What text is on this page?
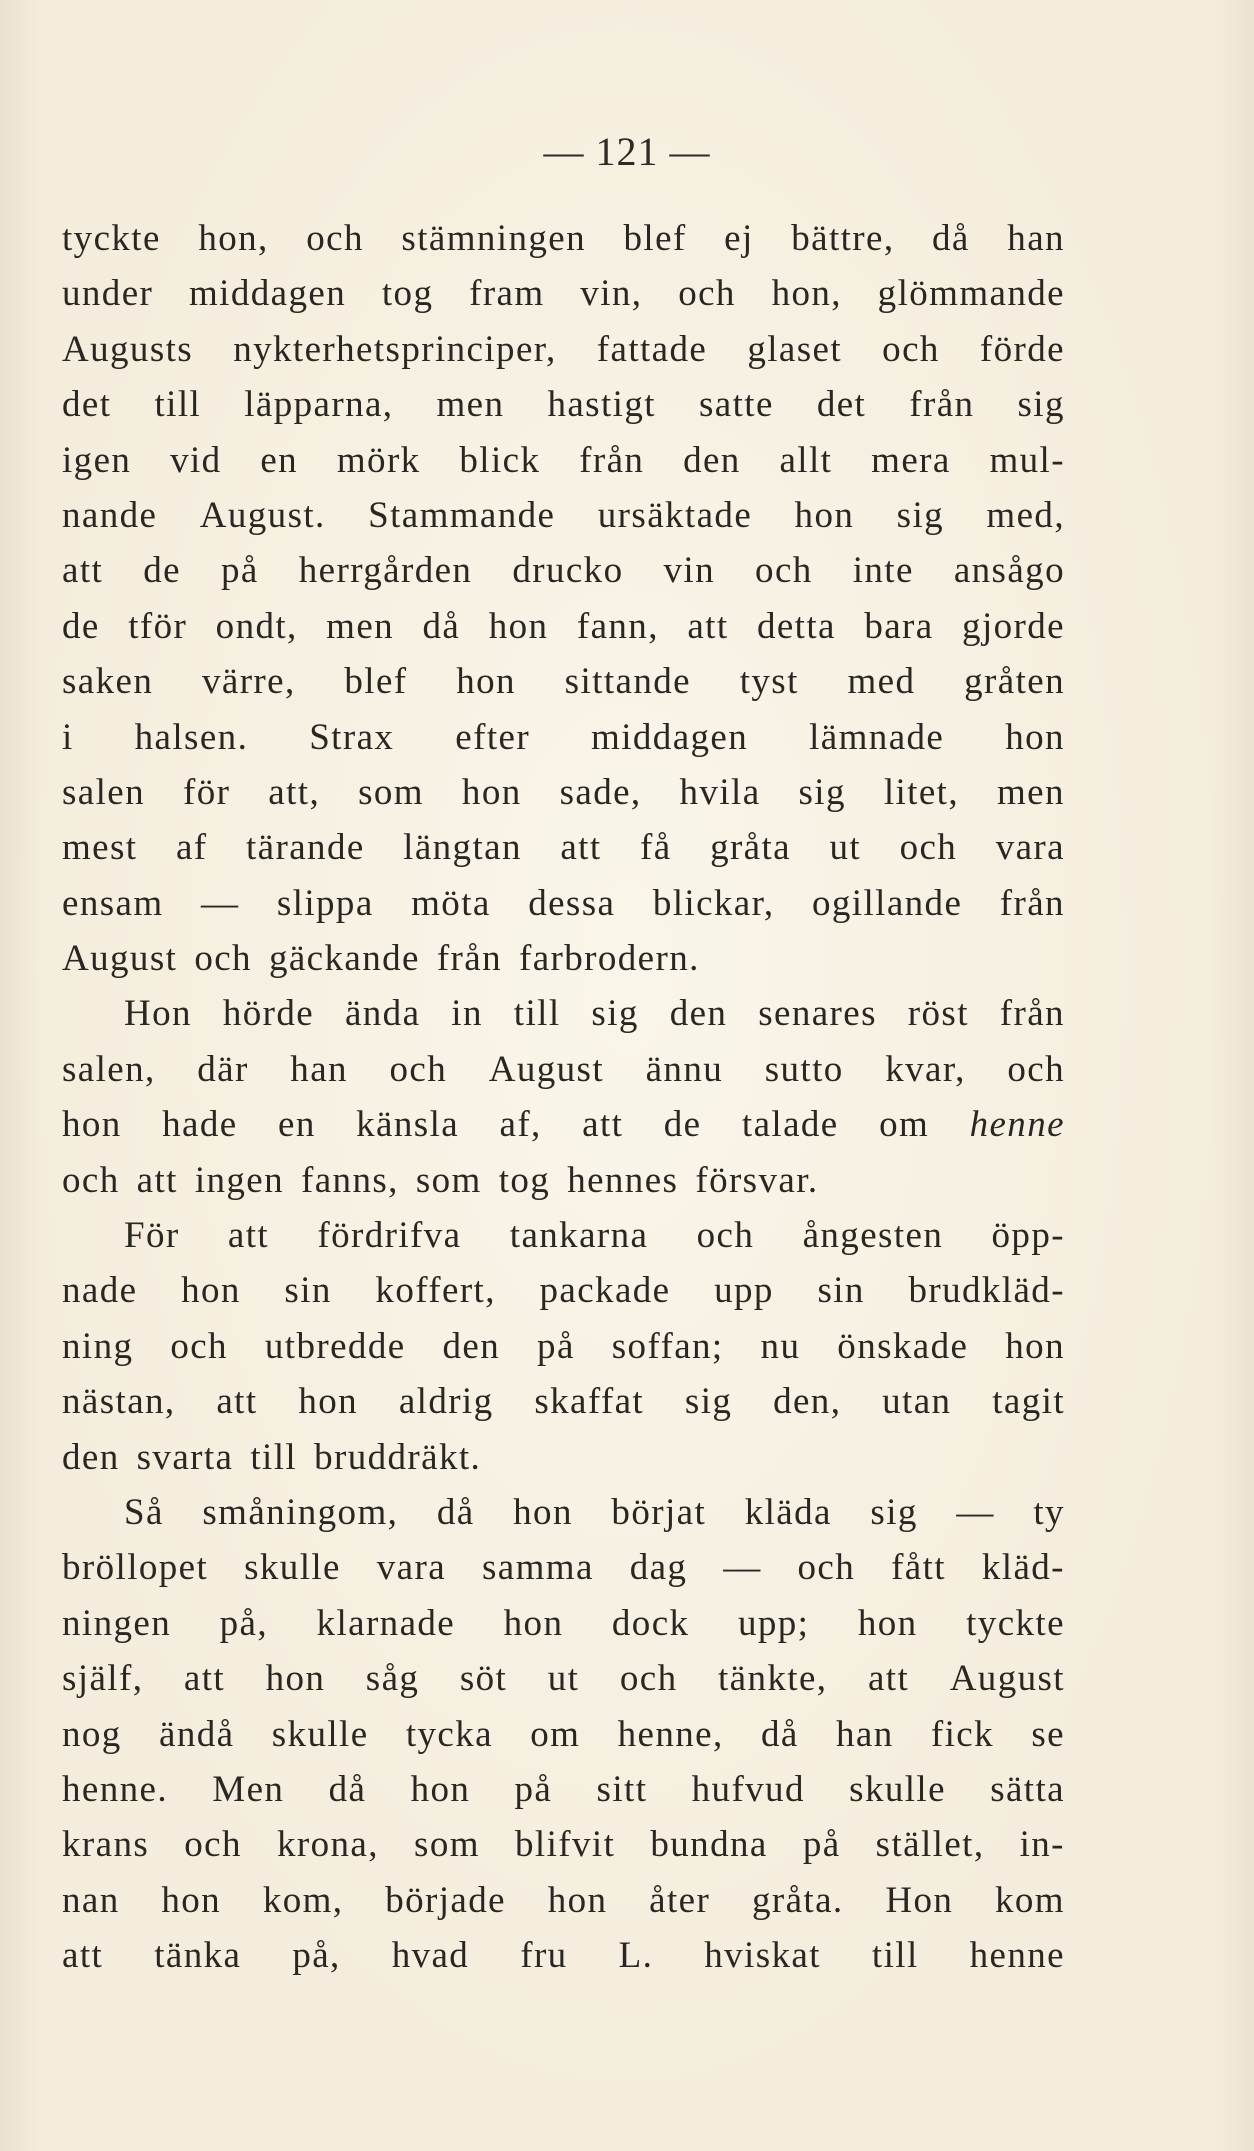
— 121 —
tyckte hon, och stämningen blef ej bättre, då han
under middagen tog fram vin, och hon, glömmande
Augusts nykterhetsprinciper, fattade glaset och förde
det till läpparna, men hastigt satte det från sig
igen vid en mörk blick från den allt mera mul-
nande August. Stammande ursäktade hon sig med,
att de på herrgården drucko vin och inte ansågo
de tför ondt, men då hon fann, att detta bara gjorde
saken värre, blef hon sittande tyst med gråten
i halsen. Strax efter middagen lämnade hon
salen för att, som hon sade, hvila sig litet, men
mest af tärande längtan att få gråta ut och vara
ensam — slippa möta dessa blickar, ogillande från
August och gäckande från farbrodern.
Hon hörde ända in till sig den senares röst från
salen, där han och August ännu sutto kvar, och
hon hade en känsla af, att de talade om henne
och att ingen fanns, som tog hennes försvar.
För att fördrifva tankarna och ångesten öpp-
nade hon sin koffert, packade upp sin brudkläd-
ning och utbredde den på soffan; nu önskade hon
nästan, att hon aldrig skaffat sig den, utan tagit
den svarta till bruddräkt.
Så småningom, då hon börjat kläda sig — ty
bröllopet skulle vara samma dag — och fått kläd-
ningen på, klarnade hon dock upp; hon tyckte
själf, att hon såg söt ut och tänkte, att August
nog ändå skulle tycka om henne, då han fick se
henne. Men då hon på sitt hufvud skulle sätta
krans och krona, som blifvit bundna på stället, in-
nan hon kom, började hon åter gråta. Hon kom
att tänka på, hvad fru L. hviskat till henne
